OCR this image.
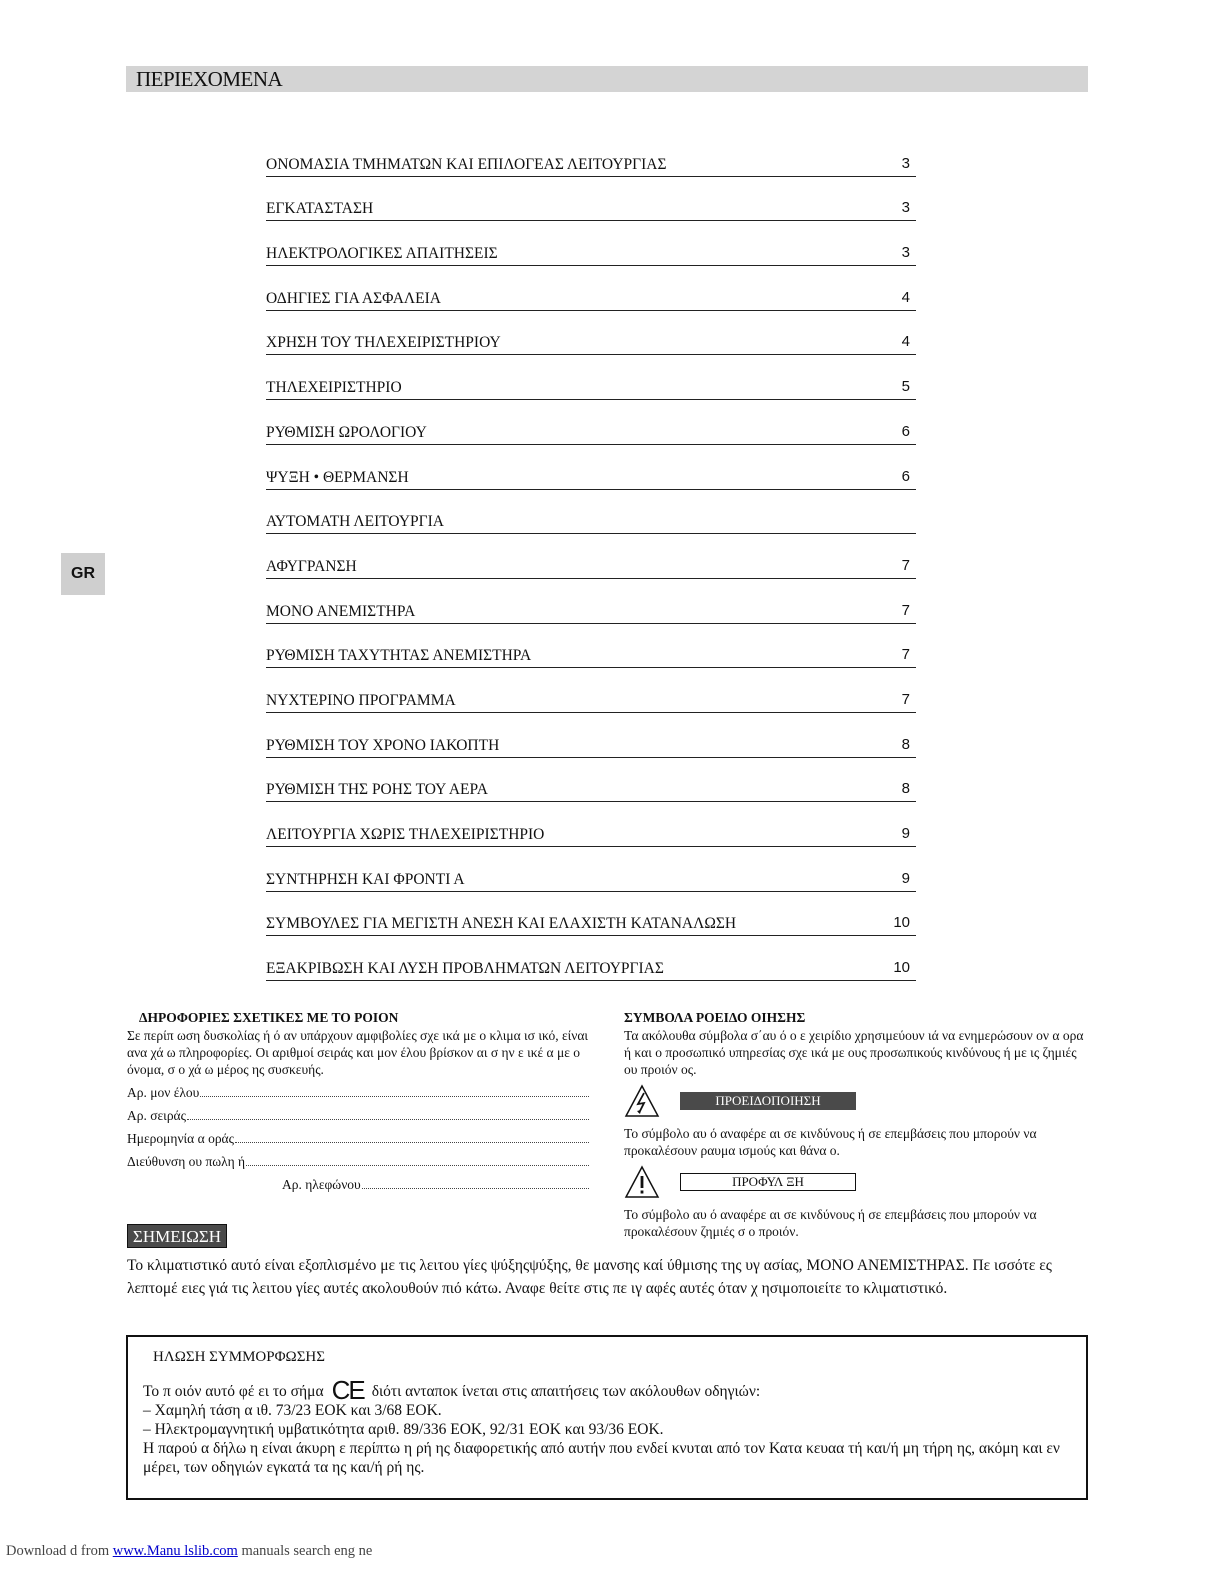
ΠΕΡΙΕΧΟΜΕΝΑ
GR
ΟΝΟΜΑΣΙΑ ΤΜΗΜΑΤΩΝ ΚΑΙ ΕΠΙΛΟΓΕΑΣ ΛΕΙΤΟΥΡΓΙΑΣ	3
ΕΓΚΑΤΑΣΤΑΣΗ	3
ΗΛΕΚΤΡΟΛΟΓΙΚΕΣ ΑΠΑΙΤΗΣΕΙΣ	3
ΟΔΗΓΙΕΣ ΓΙΑ ΑΣΦΑΛΕΙΑ	4
ΧΡΗΣΗ ΤΟΥ ΤΗΛΕΧΕΙΡΙΣΤΗΡΙΟΥ	4
ΤΗΛΕΧΕΙΡΙΣΤΗΡΙΟ	5
ΡΥΘΜΙΣΗ ΩΡΟΛΟΓΙΟΥ	6
ΨΥΞΗ • ΘΕΡΜΑΝΣΗ	6
ΑΥΤΟΜΑΤΗ ΛΕΙΤΟΥΡΓΙΑ
ΑΦΥΓΡΑΝΣΗ	7
ΜΟΝΟ ΑΝΕΜΙΣΤΗΡΑ	7
ΡΥΘΜΙΣΗ ΤΑΧΥΤΗΤΑΣ ΑΝΕΜΙΣΤΗΡΑ	7
ΝΥΧΤΕΡΙΝΟ ΠΡΟΓΡΑΜΜΑ	7
ΡΥΘΜΙΣΗ ΤΟΥ ΧΡΟΝΟ ΙΑΚΟΠΤΗ	8
ΡΥΘΜΙΣΗ ΤΗΣ ΡΟΗΣ ΤΟΥ ΑΕΡΑ	8
ΛΕΙΤΟΥΡΓΙΑ ΧΩΡΙΣ ΤΗΛΕΧΕΙΡΙΣΤΗΡΙΟ	9
ΣΥΝΤΗΡΗΣΗ ΚΑΙ ΦΡΟΝΤΙ Α	9
ΣΥΜΒΟΥΛΕΣ ΓΙΑ ΜΕΓΙΣΤΗ ΑΝΕΣΗ ΚΑΙ ΕΛΑΧΙΣΤΗ ΚΑΤΑΝΑΛΩΣΗ	10
ΕΞΑΚΡΙΒΩΣΗ ΚΑΙ ΛΥΣΗ ΠΡΟΒΛΗΜΑΤΩΝ ΛΕΙΤΟΥΡΓΙΑΣ	10
ΔΗΡΟΦΟΡΙΕΣ ΣΧΕΤΙΚΕΣ ΜΕ ΤΟ ΡΟΙΟΝ
Σε περίπ ωση δυσκολίας ή ό αν υπάρχουν αμφιβολίες σχε ικά με ο κλιμα ισ ικό, είναι ανα χά ω πληροφορίες. Οι αριθμοί σειράς και μον έλου βρίσκον αι σ ην ε ικέ α με ο όνομα, σ ο χά ω μέρος ης συσκευής.
Αρ. μον έλου
Αρ. σειράς
Ημερομηνία α οράς
Διεύθυνση ου πωλη ή
Αρ. ηλεφώνου
ΣΥΜΒΟΛΑ ΡΟΕΙΔΟ ΟΙΗΣΗΣ
Τα ακόλουθα σύμβολα σ΄αυ ό ο ε χειρίδιο χρησιμεύουν ιά να ενημερώσουν ον α ορα ή και ο προσωπικό υπηρεσίας σχε ικά με ους προσωπικούς κινδύνους ή με ις ζημιές ου προιόν ος.
ΠΡΟΕΙΔΟΠΟΙΗΣΗ
Το σύμβολο αυ ό αναφέρε αι σε κινδύνους ή σε επεμβάσεις που μπορούν να προκαλέσουν ραυμα ισμούς και θάνα ο.
ΠΡΟΦΥΛ ΞΗ
Το σύμβολο αυ ό αναφέρε αι σε κινδύνους ή σε επεμβάσεις που μπορούν να προκαλέσουν ζημιές σ ο προιόν.
ΣΗΜΕΙΩΣΗ
Το κλιματιστικό αυτό είναι εξοπλισμένο με τις λειτου γίες ψύξηςψύξης, θε μανσης καί ύθμισης της υγ ασίας, ΜΟΝΟ ΑΝΕΜΙΣΤΗΡΑΣ. Πε ισσότε ες λεπτομέ ειες γιά τις λειτου γίες αυτές ακολουθούν πιό κάτω. Αναφε θείτε στις πε ιγ αφές αυτές όταν χ ησιμοποιείτε το κλιματιστικό.
ΗΛΩΣΗ ΣΥΜΜΟΡΦΩΣΗΣ
Το π οιόν αυτό φέ ει το σήμα CE διότι ανταποκ ίνεται στις απαιτήσεις των ακόλουθων οδηγιών:
– Χαμηλή τάση α ιθ. 73/23 ΕΟΚ και 3/68 ΕΟΚ.
– Ηλεκτρομαγνητική υμβατικότητα αριθ. 89/336 ΕΟΚ, 92/31 ΕΟΚ και 93/36 ΕΟΚ.
Η παρού α δήλω η είναι άκυρη ε περίπτω η ρή ης διαφορετικής από αυτήν που ενδεί κνυται από τον Κατα κευαα τή και/ή μη τήρη ης, ακόμη και εν μέρει, των οδηγιών εγκατά τα ης και/ή ρή ης.
Download d from www.Manu lslib.com manuals search eng ne
